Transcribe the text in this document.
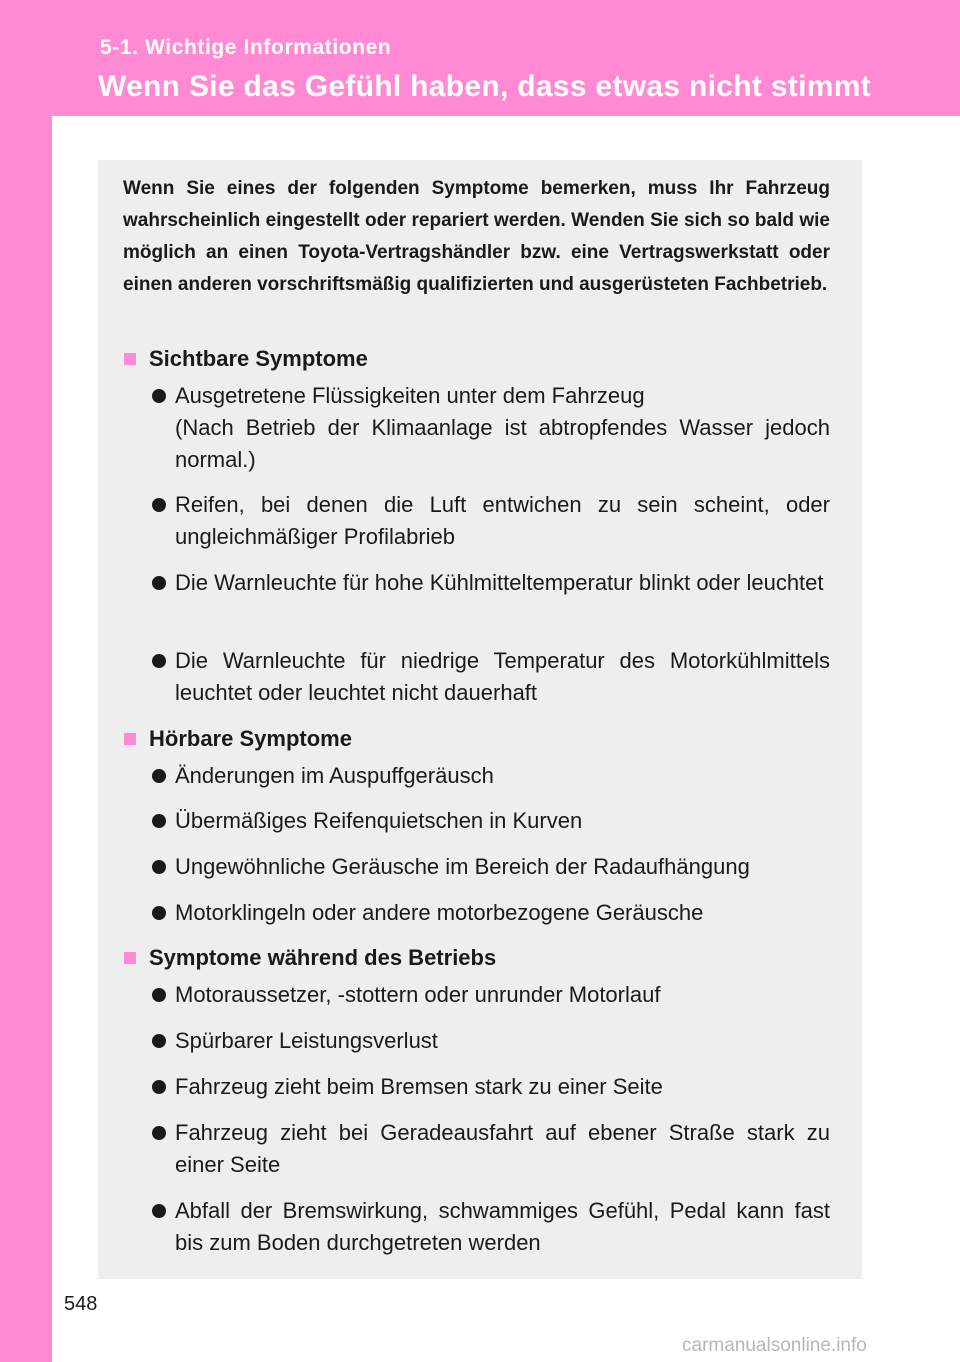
5-1. Wichtige Informationen
Wenn Sie das Gefühl haben, dass etwas nicht stimmt

Wenn Sie eines der folgenden Symptome bemerken, muss Ihr Fahrzeug wahrscheinlich eingestellt oder repariert werden. Wenden Sie sich so bald wie möglich an einen Toyota-Vertragshändler bzw. eine Vertragswerkstatt oder einen anderen vorschriftsmäßig qualifizierten und ausgerüsteten Fachbetrieb.

Sichtbare Symptome
Ausgetretene Flüssigkeiten unter dem Fahrzeug
(Nach Betrieb der Klimaanlage ist abtropfendes Wasser jedoch normal.)
Reifen, bei denen die Luft entwichen zu sein scheint, oder ungleichmäßiger Profilabrieb
Die Warnleuchte für hohe Kühlmitteltemperatur blinkt oder leuchtet
Die Warnleuchte für niedrige Temperatur des Motorkühlmittels leuchtet oder leuchtet nicht dauerhaft
Hörbare Symptome
Änderungen im Auspuffgeräusch
Übermäßiges Reifenquietschen in Kurven
Ungewöhnliche Geräusche im Bereich der Radaufhängung
Motorklingeln oder andere motorbezogene Geräusche
Symptome während des Betriebs
Motoraussetzer, -stottern oder unrunder Motorlauf
Spürbarer Leistungsverlust
Fahrzeug zieht beim Bremsen stark zu einer Seite
Fahrzeug zieht bei Geradeausfahrt auf ebener Straße stark zu einer Seite
Abfall der Bremswirkung, schwammiges Gefühl, Pedal kann fast bis zum Boden durchgetreten werden
548
carmanualsonline.info
